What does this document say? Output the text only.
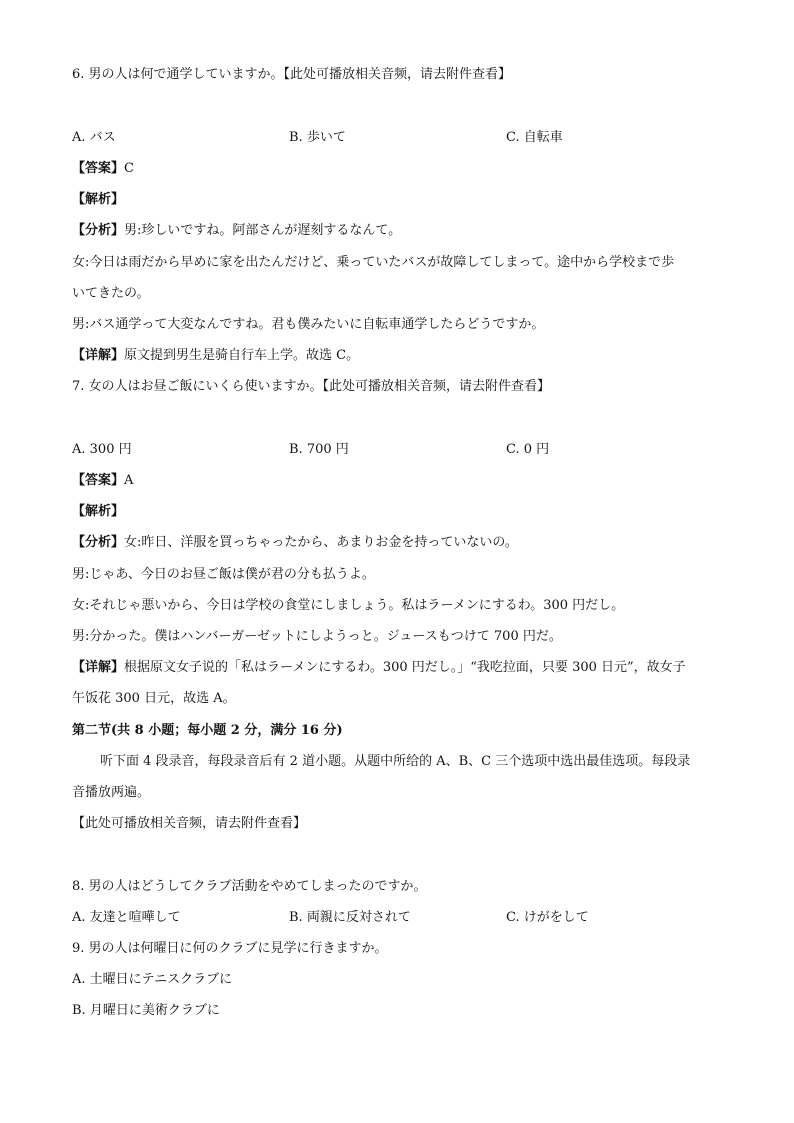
6. 男の人は何で通学していますか。【此处可播放相关音频，请去附件查看】
A. バス	B. 歩いて	C. 自転車
【答案】C
【解析】
【分析】男:珍しいですね。阿部さんが遅刻するなんて。
女:今日は雨だから早めに家を出たんだけど、乗っていたバスが故障してしまって。途中から学校まで歩
いてきたの。
男:バス通学って大変なんですね。君も僕みたいに自転車通学したらどうですか。
【详解】原文提到男生是骑自行车上学。故选 C。
7. 女の人はお昼ご飯にいくら使いますか。【此处可播放相关音频，请去附件查看】
A. 300 円	B. 700 円	C. 0 円
【答案】A
【解析】
【分析】女:昨日、洋服を買っちゃったから、あまりお金を持っていないの。
男:じゃあ、今日のお昼ご飯は僕が君の分も払うよ。
女:それじゃ悪いから、今日は学校の食堂にしましょう。私はラーメンにするわ。300 円だし。
男:分かった。僕はハンバーガーゼットにしようっと。ジュースもつけて 700 円だ。
【详解】根据原文女子说的「私はラーメンにするわ。300 円だし。」“我吃拉面，只要 300 日元”，故女子
午饭花 300 日元，故选 A。
第二节(共 8 小题；每小题 2 分，满分 16 分)
听下面 4 段录音，每段录音后有 2 道小题。从题中所给的 A、B、C 三个选项中选出最佳选项。每段录
音播放两遍。
【此处可播放相关音频，请去附件查看】
8. 男の人はどうしてクラブ活動をやめてしまったのですか。
A. 友達と喧嘩して	B. 両親に反対されて	C. けがをして
9. 男の人は何曜日に何のクラブに見学に行きますか。
A. 土曜日にテニスクラブに
B. 月曜日に美術クラブに
